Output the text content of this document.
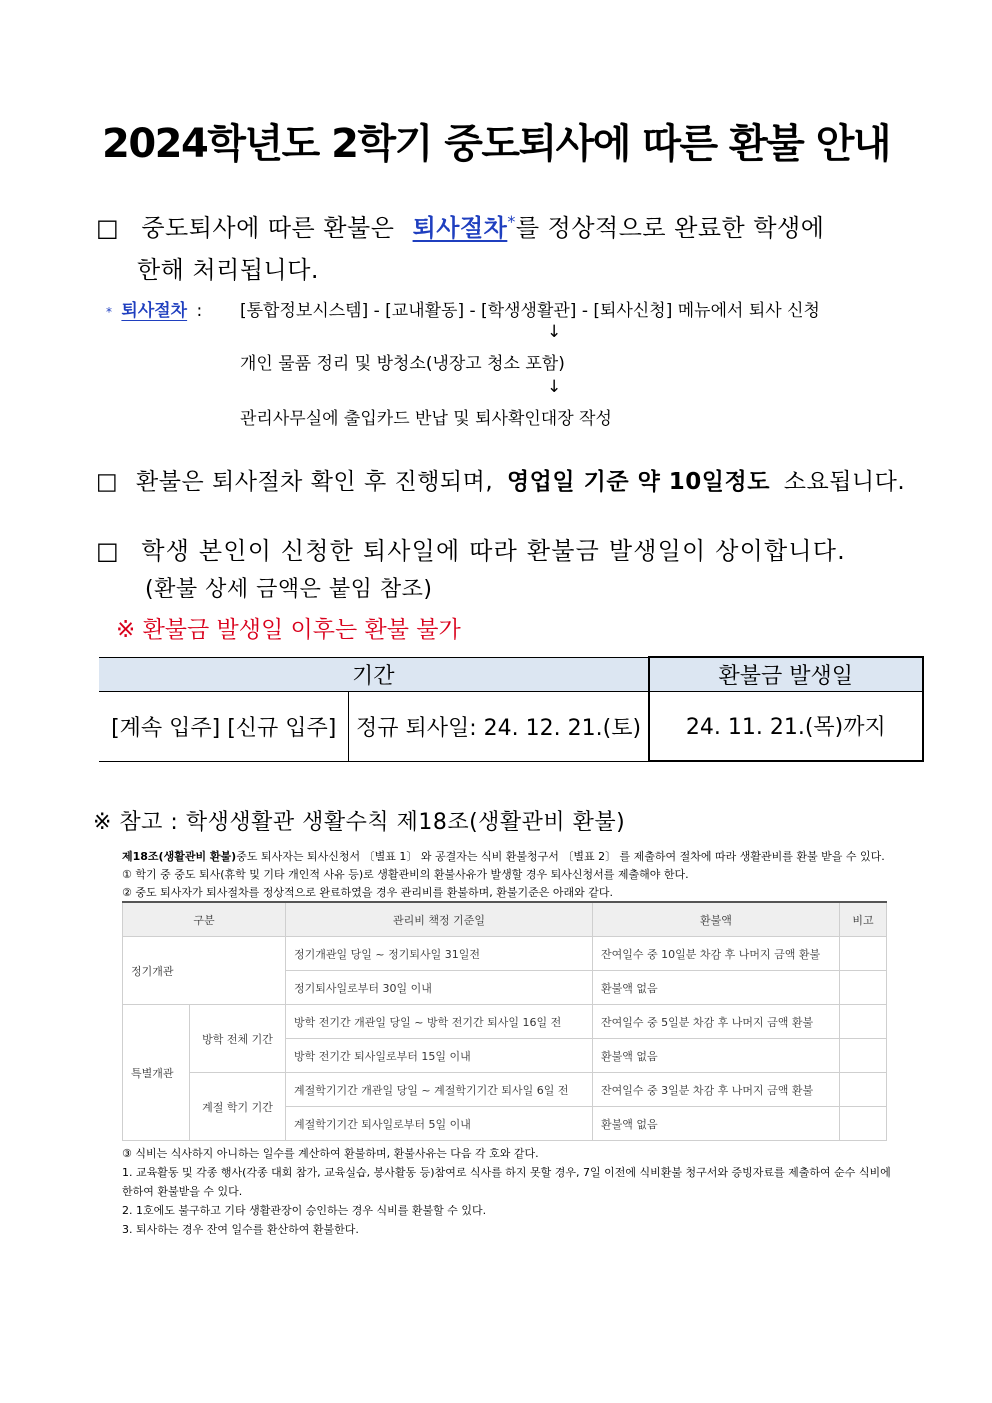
2024학년도 2학기 중도퇴사에 따른 환불 안내
□ 중도퇴사에 따른 환불은 퇴사절차*를 정상적으로 완료한 학생에
한해 처리됩니다.
* 퇴사절차 : [통합정보시스템] - [교내활동] - [학생생활관] - [퇴사신청] 메뉴에서 퇴사 신청
↓
개인 물품 정리 및 방청소(냉장고 청소 포함)
↓
관리사무실에 출입카드 반납 및 퇴사확인대장 작성
□ 환불은 퇴사절차 확인 후 진행되며, 영업일 기준 약 10일정도 소요됩니다.
□ 학생 본인이 신청한 퇴사일에 따라 환불금 발생일이 상이합니다.
(환불 상세 금액은 붙임 참조)
※ 환불금 발생일 이후는 환불 불가
기간		환불금 발생일
[계속 입주] [신규 입주]	정규 퇴사일: 24. 12. 21.(토)	24. 11. 21.(목)까지
※ 참고 : 학생생활관 생활수칙 제18조(생활관비 환불)
제18조(생활관비 환불)중도 퇴사자는 퇴사신청서 〔별표 1〕 와 공결자는 식비 환불청구서 〔별표 2〕 를 제출하여 절차에 따라 생활관비를 환불 받을 수 있다.
① 학기 중 중도 퇴사(휴학 및 기타 개인적 사유 등)로 생활관비의 환불사유가 발생할 경우 퇴사신청서를 제출해야 한다.
② 중도 퇴사자가 퇴사절차를 정상적으로 완료하였을 경우 관리비를 환불하며, 환불기준은 아래와 같다.
구분		관리비 책정 기준일	환불액	비고
정기개관		정기개관일 당일 ~ 정기퇴사일 31일전	잔여일수 중 10일분 차감 후 나머지 금액 환불	
		정기퇴사일로부터 30일 이내	환불액 없음	
특별개관	방학 전체 기간	방학 전기간 개관일 당일 ~ 방학 전기간 퇴사일 16일 전	잔여일수 중 5일분 차감 후 나머지 금액 환불	
		방학 전기간 퇴사일로부터 15일 이내	환불액 없음	
	계절 학기 기간	계절학기기간 개관일 당일 ~ 계절학기기간 퇴사일 6일 전	잔여일수 중 3일분 차감 후 나머지 금액 환불	
		계절학기기간 퇴사일로부터 5일 이내	환불액 없음	
③ 식비는 식사하지 아니하는 일수를 계산하여 환불하며, 환불사유는 다음 각 호와 같다.
1. 교육활동 및 각종 행사(각종 대회 참가, 교육실습, 봉사활동 등)참여로 식사를 하지 못할 경우, 7일 이전에 식비환불 청구서와 증빙자료를 제출하여 순수 식비에
한하여 환불받을 수 있다.
2. 1호에도 불구하고 기타 생활관장이 승인하는 경우 식비를 환불할 수 있다.
3. 퇴사하는 경우 잔여 일수를 환산하여 환불한다.
